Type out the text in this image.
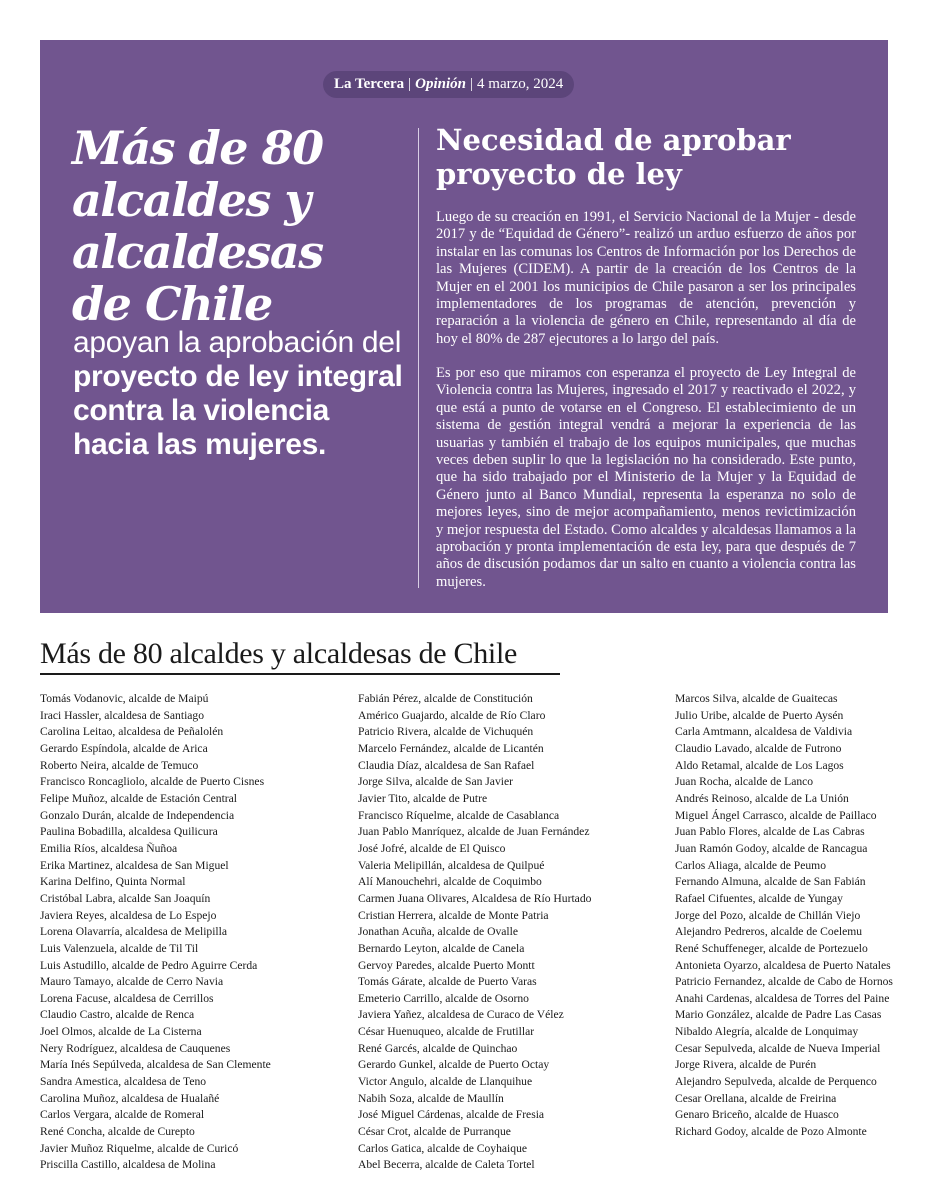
La Tercera | Opinión | 4 marzo, 2024
Más de 80
alcaldes y
alcaldesas
de Chile

apoyan la aprobación del proyecto de ley integral contra la violencia hacia las mujeres.

Necesidad de aprobar proyecto de ley

Luego de su creación en 1991, el Servicio Nacional de la Mujer - desde 2017 y de “Equidad de Género”- realizó un arduo esfuerzo de años por instalar en las comunas los Centros de Información por los Derechos de las Mujeres (CIDEM). A partir de la creación de los Centros de la Mujer en el 2001 los municipios de Chile pasaron a ser los principales implementadores de los programas de atención, prevención y reparación a la violencia de género en Chile, representando al día de hoy el 80% de 287 ejecutores a lo largo del país.

Es por eso que miramos con esperanza el proyecto de Ley Integral de Violencia contra las Mujeres, ingresado el 2017 y reactivado el 2022, y que está a punto de votarse en el Congreso. El establecimiento de un sistema de gestión integral vendrá a mejorar la experiencia de las usuarias y también el trabajo de los equipos municipales, que muchas veces deben suplir lo que la legislación no ha considerado. Este punto, que ha sido trabajado por el Ministerio de la Mujer y la Equidad de Género junto al Banco Mundial, representa la esperanza no solo de mejores leyes, sino de mejor acompañamiento, menos revictimización y mejor respuesta del Estado. Como alcaldes y alcaldesas llamamos a la aprobación y pronta implementación de esta ley, para que después de 7 años de discusión podamos dar un salto en cuanto a violencia contra las mujeres.

Más de 80 alcaldes y alcaldesas de Chile
Tomás Vodanovic, alcalde de Maipú
Iraci Hassler, alcaldesa de Santiago
Carolina Leitao, alcaldesa de Peñalolén
Gerardo Espíndola, alcalde de Arica
Roberto Neira, alcalde de Temuco
Francisco Roncagliolo, alcalde de Puerto Cisnes
Felipe Muñoz, alcalde de Estación Central
Gonzalo Durán, alcalde de Independencia
Paulina Bobadilla, alcaldesa Quilicura
Emilia Ríos, alcaldesa Ñuñoa
Erika Martinez, alcaldesa de San Miguel
Karina Delfino, Quinta Normal
Cristóbal Labra, alcalde San Joaquín
Javiera Reyes, alcaldesa de Lo Espejo
Lorena Olavarría, alcaldesa de Melipilla
Luis Valenzuela, alcalde de Til Til
Luis Astudillo, alcalde de Pedro Aguirre Cerda
Mauro Tamayo, alcalde de Cerro Navia
Lorena Facuse, alcaldesa de Cerrillos
Claudio Castro, alcalde de Renca
Joel Olmos, alcalde de La Cisterna
Nery Rodríguez, alcaldesa de Cauquenes
María Inés Sepúlveda, alcaldesa de San Clemente
Sandra Amestica, alcaldesa de Teno
Carolina Muñoz, alcaldesa de Hualañé
Carlos Vergara, alcalde de Romeral
René Concha, alcalde de Curepto
Javier Muñoz Riquelme, alcalde de Curicó
Priscilla Castillo, alcaldesa de Molina
Fabián Pérez, alcalde de Constitución
Américo Guajardo, alcalde de Río Claro
Patricio Rivera, alcalde de Vichuquén
Marcelo Fernández, alcalde de Licantén
Claudia Díaz, alcaldesa de San Rafael
Jorge Silva, alcalde de San Javier
Javier Tito, alcalde de Putre
Francisco Ríquelme, alcalde de Casablanca
Juan Pablo Manríquez, alcalde de Juan Fernández
José Jofré, alcalde de El Quisco
Valeria Melipillán, alcaldesa de Quilpué
Alí Manouchehri, alcalde de Coquimbo
Carmen Juana Olivares, Alcaldesa de Río Hurtado
Cristian Herrera, alcalde de Monte Patria
Jonathan Acuña, alcalde de Ovalle
Bernardo Leyton, alcalde de Canela
Gervoy Paredes, alcalde Puerto Montt
Tomás Gárate, alcalde de Puerto Varas
Emeterio Carrillo, alcalde de Osorno
Javiera Yañez, alcaldesa de Curaco de Vélez
César Huenuqueo, alcalde de Frutillar
René Garcés, alcalde de Quinchao
Gerardo Gunkel, alcalde de Puerto Octay
Victor Angulo, alcalde de Llanquihue
Nabih Soza, alcalde de Maullín
José Miguel Cárdenas, alcalde de Fresia
César Crot, alcalde de Purranque
Carlos Gatica, alcalde de Coyhaique
Abel Becerra, alcalde de Caleta Tortel
Marcos Silva, alcalde de Guaitecas
Julio Uribe, alcalde de Puerto Aysén
Carla Amtmann, alcaldesa de Valdivia
Claudio Lavado, alcalde de Futrono
Aldo Retamal, alcalde de Los Lagos
Juan Rocha, alcalde de Lanco
Andrés Reinoso, alcalde de La Unión
Miguel Ángel Carrasco, alcalde de Paillaco
Juan Pablo Flores, alcalde de Las Cabras
Juan Ramón Godoy, alcalde de Rancagua
Carlos Aliaga, alcalde de Peumo
Fernando Almuna, alcalde de San Fabián
Rafael Cifuentes, alcalde de Yungay
Jorge del Pozo, alcalde de Chillán Viejo
Alejandro Pedreros, alcalde de Coelemu
René Schuffeneger, alcalde de Portezuelo
Antonieta Oyarzo, alcaldesa de Puerto Natales
Patricio Fernandez, alcalde de Cabo de Hornos
Anahi Cardenas, alcaldesa de Torres del Paine
Mario González, alcalde de Padre Las Casas
Nibaldo Alegría, alcalde de Lonquimay
Cesar Sepulveda, alcalde de Nueva Imperial
Jorge Rivera, alcalde de Purén
Alejandro Sepulveda, alcalde de Perquenco
Cesar Orellana, alcalde de Freirina
Genaro Briceño, alcalde de Huasco
Richard Godoy, alcalde de Pozo Almonte
